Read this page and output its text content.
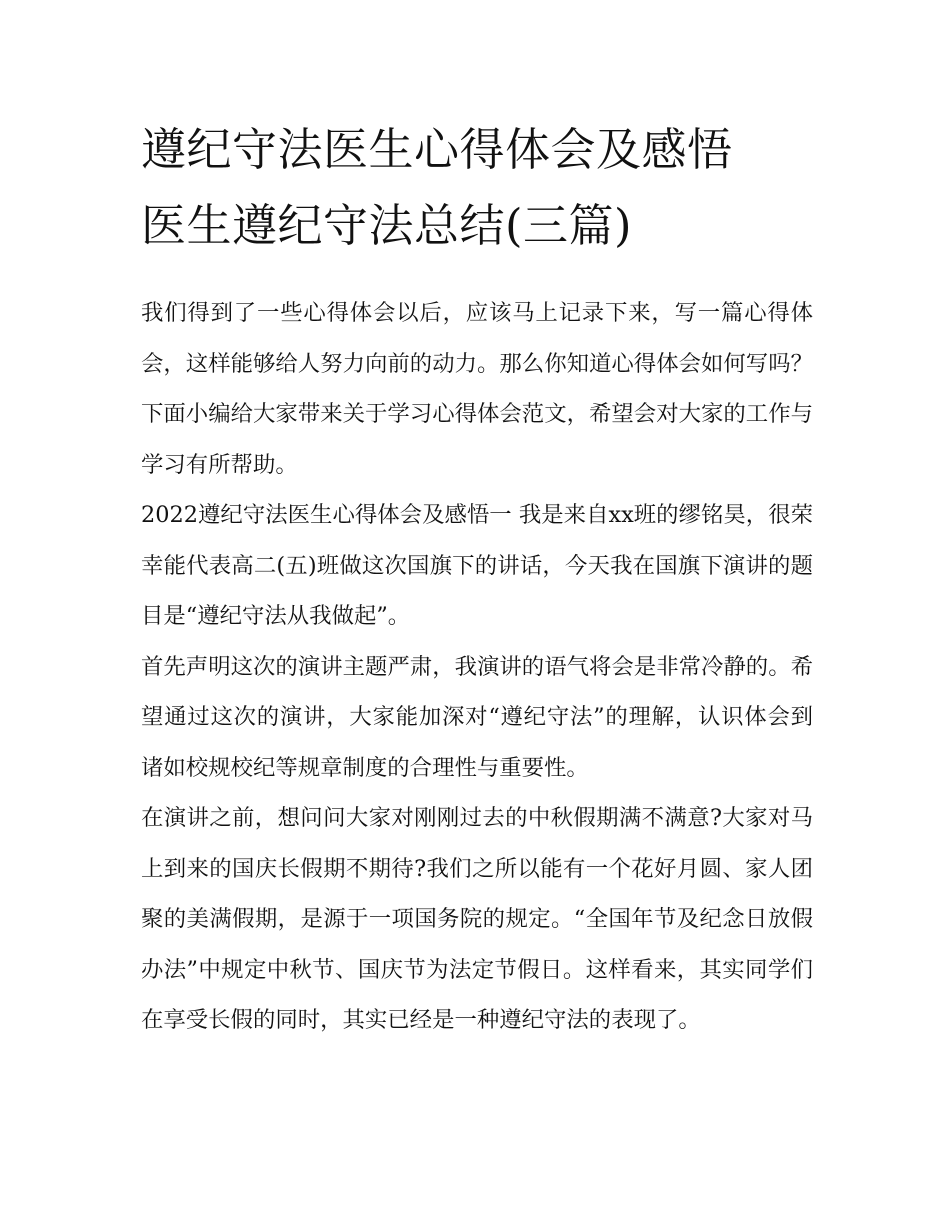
遵纪守法医生心得体会及感悟
医生遵纪守法总结(三篇)

我们得到了一些心得体会以后，应该马上记录下来，写一篇心得体会，这样能够给人努力向前的动力。那么你知道心得体会如何写吗？下面小编给大家带来关于学习心得体会范文，希望会对大家的工作与学习有所帮助。

2022遵纪守法医生心得体会及感悟一 我是来自xx班的缪铭昊，很荣幸能代表高二(五)班做这次国旗下的讲话，今天我在国旗下演讲的题目是“遵纪守法从我做起”。

首先声明这次的演讲主题严肃，我演讲的语气将会是非常冷静的。希望通过这次的演讲，大家能加深对“遵纪守法”的理解，认识体会到诸如校规校纪等规章制度的合理性与重要性。

在演讲之前，想问问大家对刚刚过去的中秋假期满不满意?大家对马上到来的国庆长假期不期待?我们之所以能有一个花好月圆、家人团聚的美满假期，是源于一项国务院的规定。“全国年节及纪念日放假办法”中规定中秋节、国庆节为法定节假日。这样看来，其实同学们在享受长假的同时，其实已经是一种遵纪守法的表现了。
